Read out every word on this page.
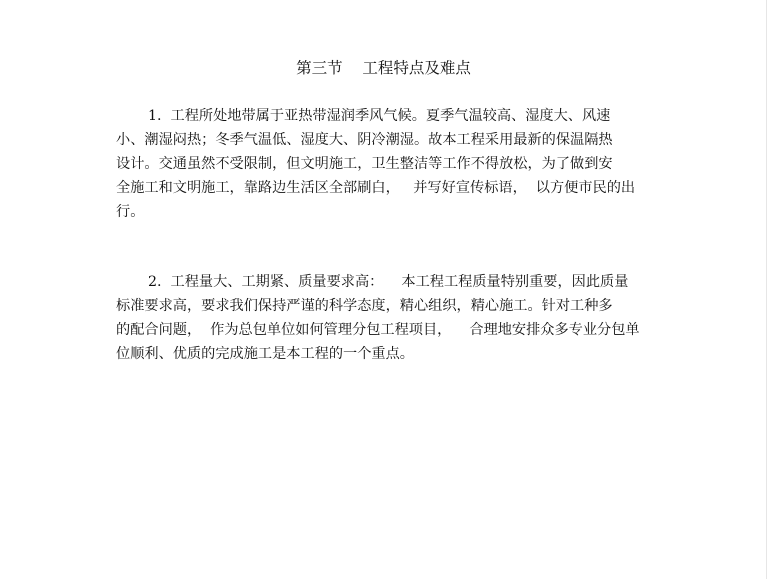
第三节    工程特点及难点
1.  工程所处地带属于亚热带湿润季风气候。夏季气温较高、湿度大、风速
小、潮湿闷热；冬季气温低、湿度大、阴冷潮湿。故本工程采用最新的保温隔热
设计。交通虽然不受限制，但文明施工，卫生整洁等工作不得放松，为了做到安
全施工和文明施工，靠路边生活区全部刷白，   并写好宣传标语，  以方便市民的出
行。
2.  工程量大、工期紧、质量要求高：    本工程工程质量特别重要，因此质量
标准要求高，要求我们保持严谨的科学态度，精心组织，精心施工。针对工种多
的配合问题，  作为总包单位如何管理分包工程项目，    合理地安排众多专业分包单
位顺利、优质的完成施工是本工程的一个重点。
